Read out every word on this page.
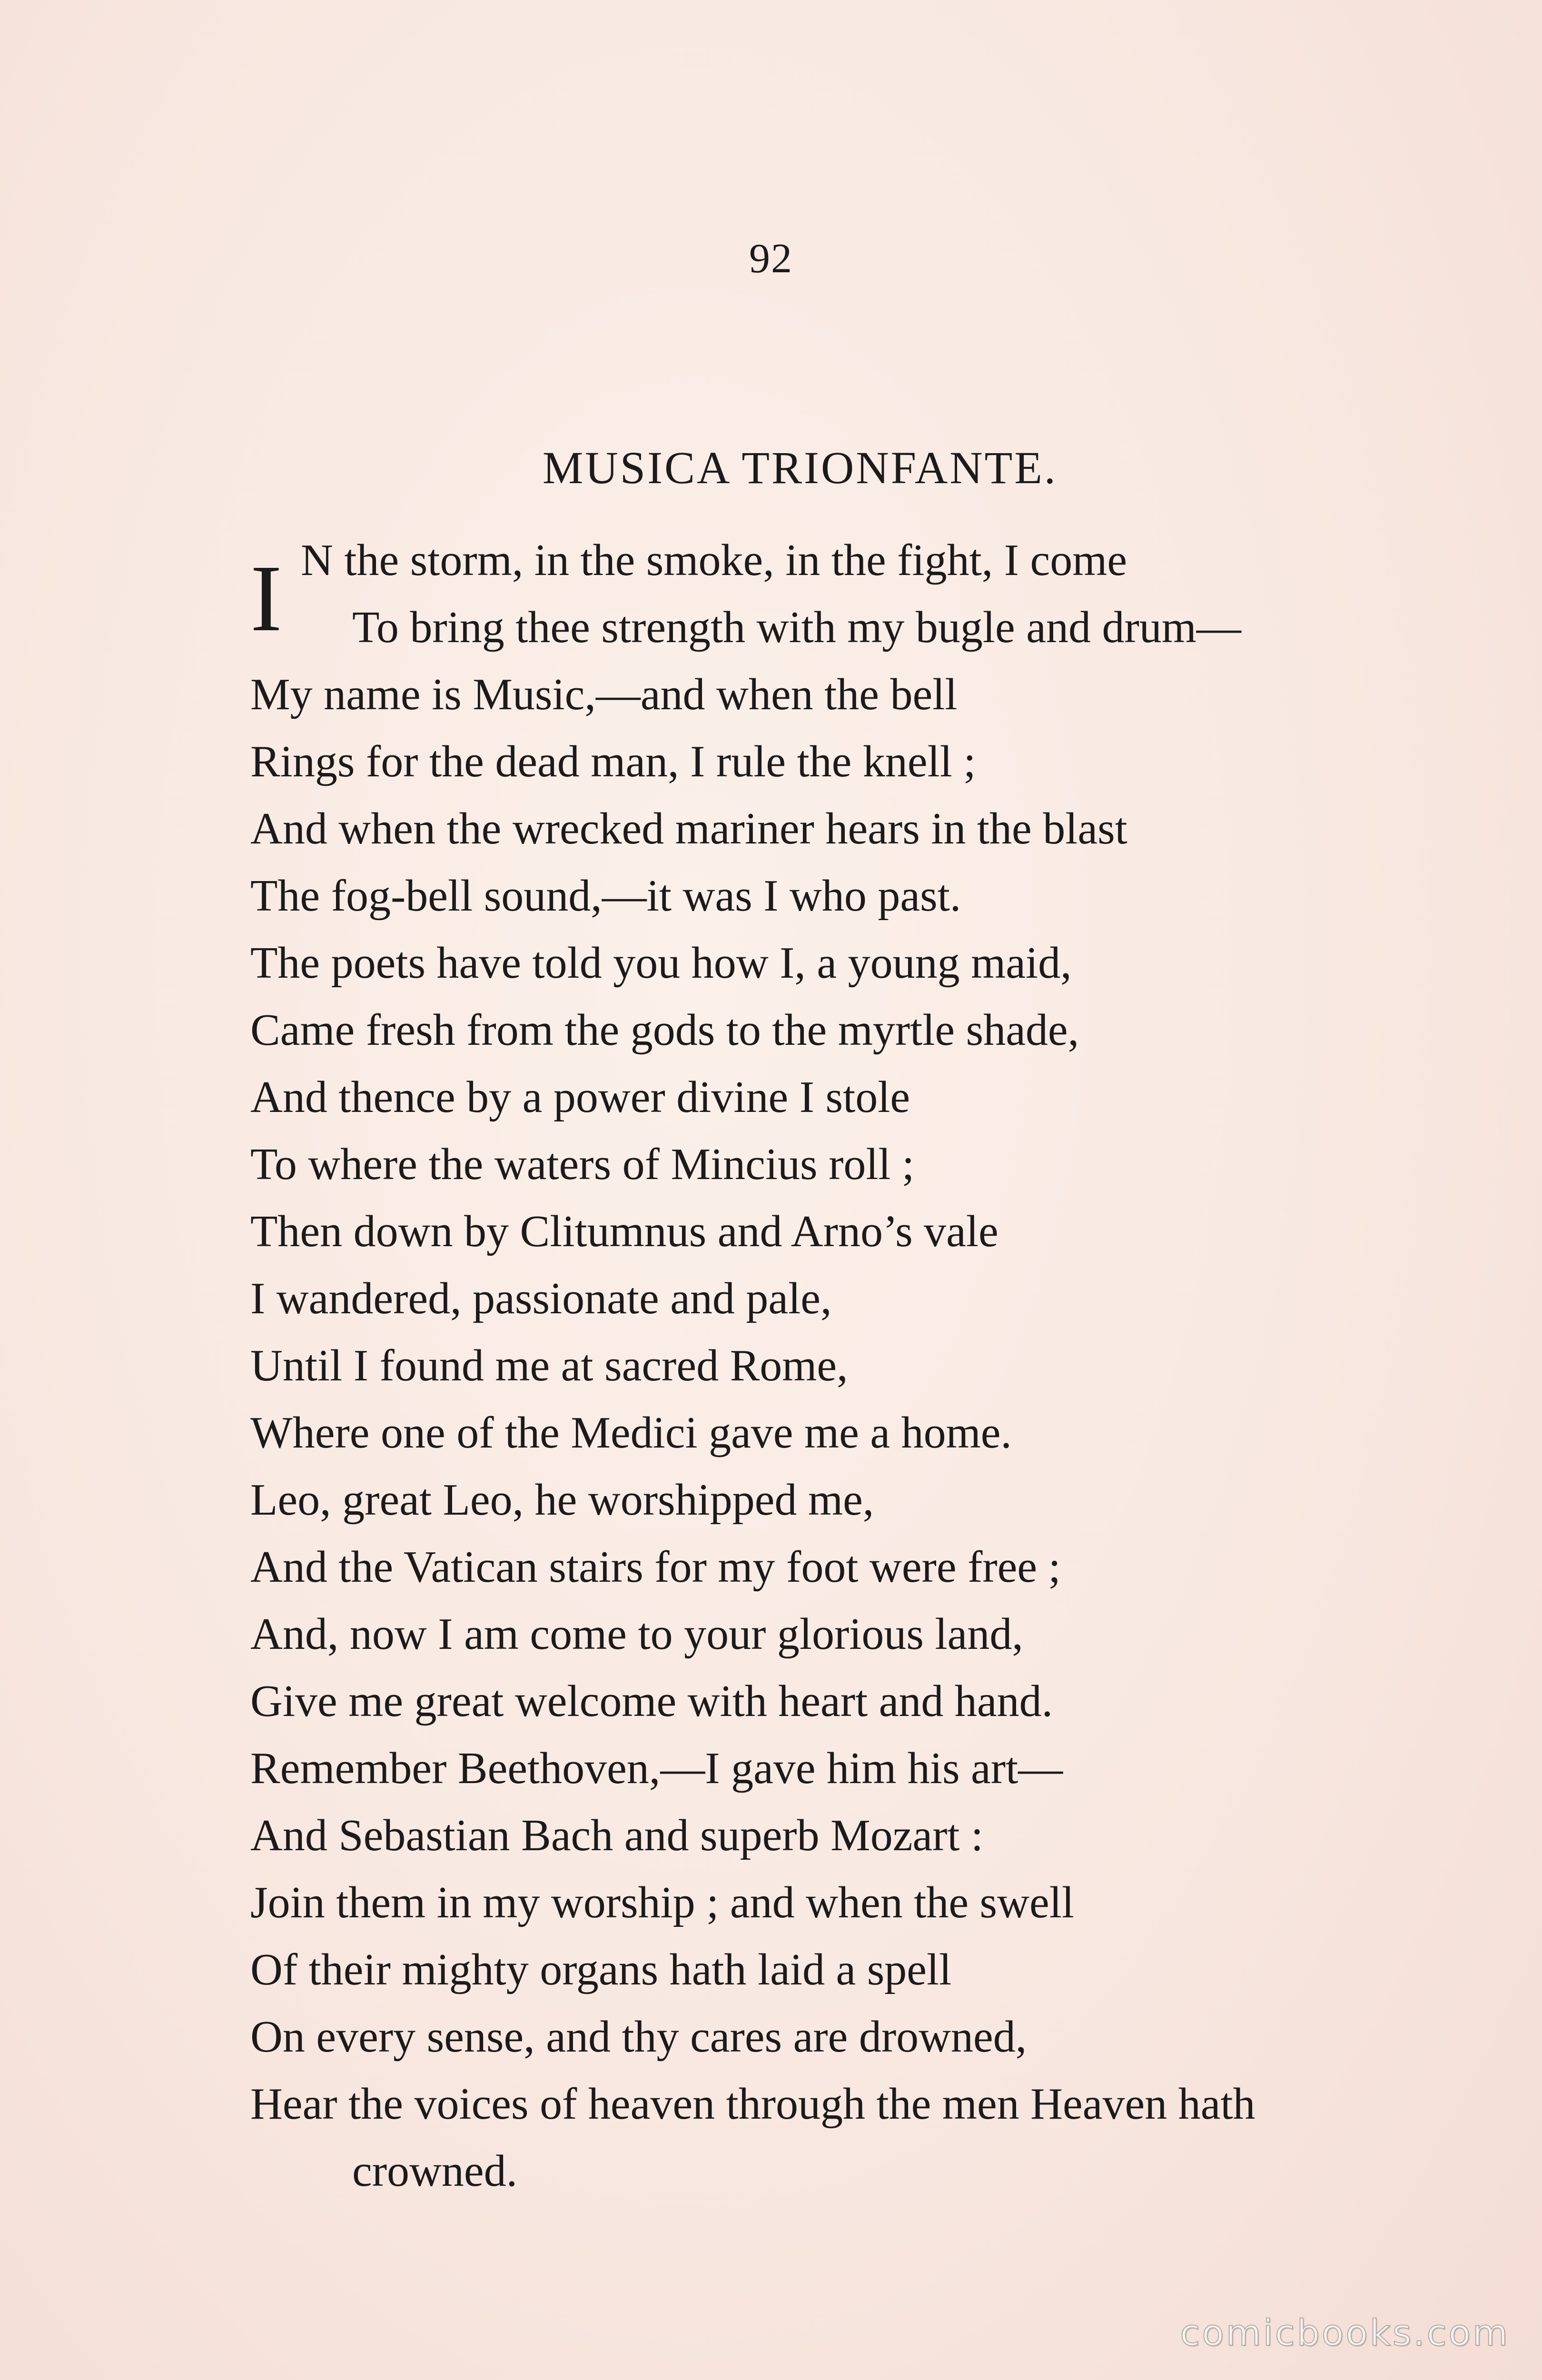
92
MUSICA TRIONFANTE.
I N the storm, in the smoke, in the fight, I come
To bring thee strength with my bugle and drum—
My name is Music,—and when the bell
Rings for the dead man, I rule the knell ;
And when the wrecked mariner hears in the blast
The fog-bell sound,—it was I who past.
The poets have told you how I, a young maid,
Came fresh from the gods to the myrtle shade,
And thence by a power divine I stole
To where the waters of Mincius roll ;
Then down by Clitumnus and Arno’s vale
I wandered, passionate and pale,
Until I found me at sacred Rome,
Where one of the Medici gave me a home.
Leo, great Leo, he worshipped me,
And the Vatican stairs for my foot were free ;
And, now I am come to your glorious land,
Give me great welcome with heart and hand.
Remember Beethoven,—I gave him his art—
And Sebastian Bach and superb Mozart :
Join them in my worship ; and when the swell
Of their mighty organs hath laid a spell
On every sense, and thy cares are drowned,
Hear the voices of heaven through the men Heaven hath
crowned.
comicbooks.com
